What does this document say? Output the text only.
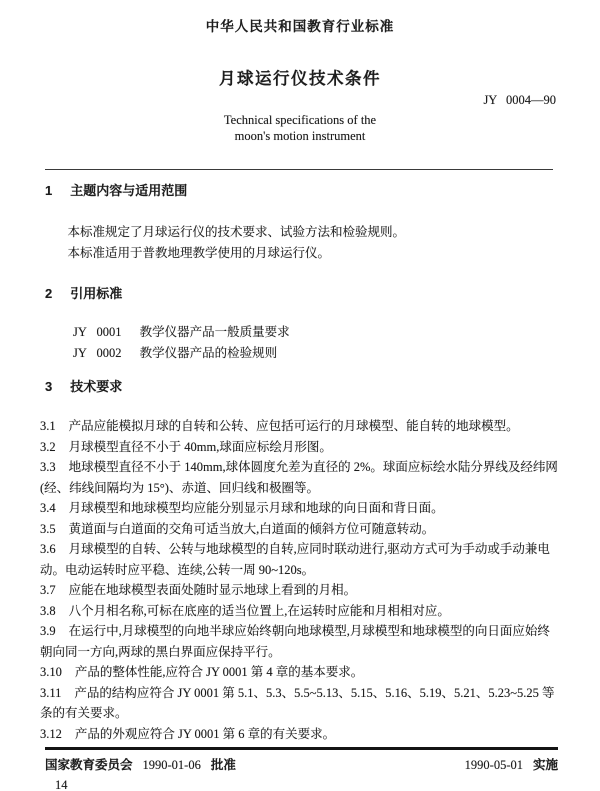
中华人民共和国教育行业标准
月球运行仪技术条件
JY 0004—90
Technical specifications of the
moon's motion instrument
1 主题内容与适用范围

本标准规定了月球运行仪的技术要求、试验方法和检验规则。

本标准适用于普教地理教学使用的月球运行仪。

2 引用标准

JY 0001 教学仪器产品一般质量要求

JY 0002 教学仪器产品的检验规则

3 技术要求

3.1 产品应能模拟月球的自转和公转、应包括可运行的月球模型、能自转的地球模型。

3.2 月球模型直径不小于 40mm,球面应标绘月形图。

3.3 地球模型直径不小于 140mm,球体圆度允差为直径的 2%。球面应标绘水陆分界线及经纬网(经、纬线间隔均为 15°)、赤道、回归线和极圈等。

3.4 月球模型和地球模型均应能分别显示月球和地球的向日面和背日面。

3.5 黄道面与白道面的交角可适当放大,白道面的倾斜方位可随意转动。

3.6 月球模型的自转、公转与地球模型的自转,应同时联动进行,驱动方式可为手动或手动兼电动。电动运转时应平稳、连续,公转一周 90~120s。

3.7 应能在地球模型表面处随时显示地球上看到的月相。

3.8 八个月相名称,可标在底座的适当位置上,在运转时应能和月相相对应。

3.9 在运行中,月球模型的向地半球应始终朝向地球模型,月球模型和地球模型的向日面应始终朝向同一方向,两球的黑白界面应保持平行。

3.10 产品的整体性能,应符合 JY 0001 第 4 章的基本要求。

3.11 产品的结构应符合 JY 0001 第 5.1、5.3、5.5~5.13、5.15、5.16、5.19、5.21、5.23~5.25 等条的有关要求。

3.12 产品的外观应符合 JY 0001 第 6 章的有关要求。

国家教育委员会 1990-01-06 批准	1990-05-01 实施
14
